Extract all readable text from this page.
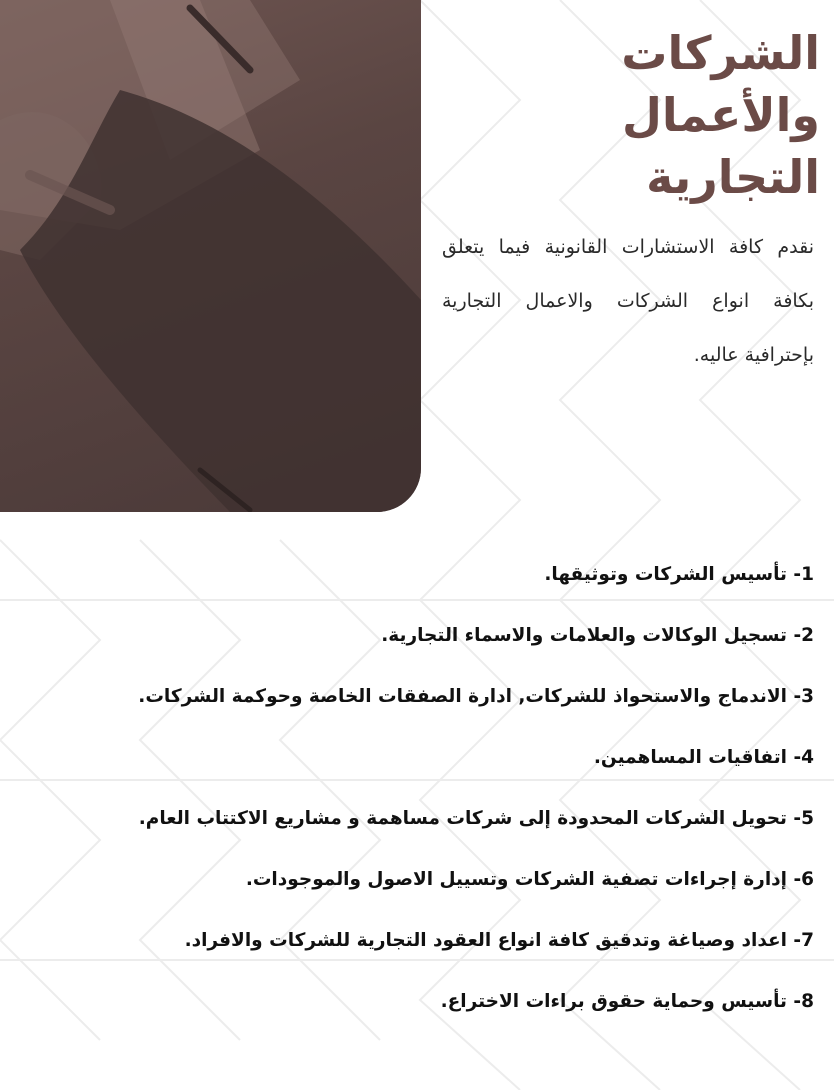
الشركات والأعمال
التجارية
نقدم كافة الاستشارات القانونية فيما يتعلق بكافة انواع الشركات والاعمال التجارية بإحترافية عاليه.
1- تأسيس الشركات وتوثيقها.
2- تسجيل الوكالات والعلامات والاسماء التجارية.
3- الاندماج والاستحواذ للشركات, ادارة الصفقات الخاصة وحوكمة الشركات.
4- اتفاقيات المساهمين.
5- تحويل الشركات المحدودة إلى شركات مساهمة و مشاريع الاكتتاب العام.
6- إدارة إجراءات تصفية الشركات وتسييل الاصول والموجودات.
7- اعداد وصياغة وتدقيق كافة انواع العقود التجارية للشركات والافراد.
8- تأسيس وحماية حقوق براءات الاختراع.
